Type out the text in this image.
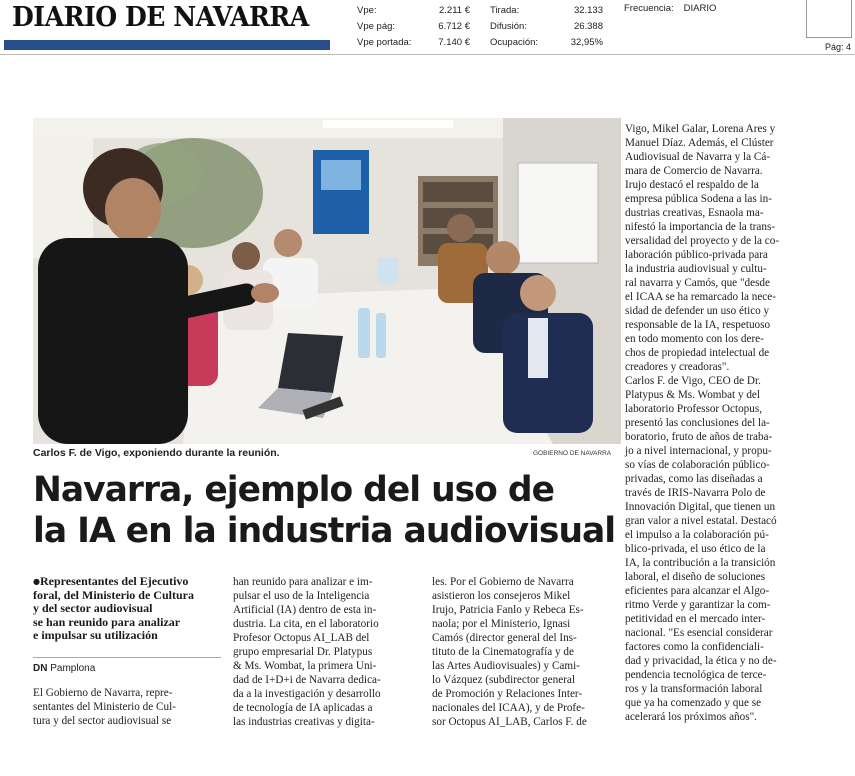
DIARIO DE NAVARRA	Vpe:	2.211 €
Vpe pág:	6.712 €
Vpe portada:	7.140 €
Tirada:	32.133
Difusión:	26.388
Ocupación:	32,95%
Frecuencia: DIARIO
Pág: 4
Carlos F. de Vigo, exponiendo durante la reunión.	GOBIERNO DE NAVARRA
Navarra, ejemplo del uso de
la IA en la industria audiovisual
●Representantes del Ejecutivo
foral, del Ministerio de Cultura
y del sector audiovisual
se han reunido para analizar
e impulsar su utilización
DN Pamplona
El Gobierno de Navarra, repre-
sentantes del Ministerio de Cul-
tura y del sector audiovisual se
han reunido para analizar e im-
pulsar el uso de la Inteligencia
Artificial (IA) dentro de esta in-
dustria. La cita, en el laboratorio
Profesor Octopus AI_LAB del
grupo empresarial Dr. Platypus
& Ms. Wombat, la primera Uni-
dad de I+D+i de Navarra dedica-
da a la investigación y desarrollo
de tecnología de IA aplicadas a
las industrias creativas y digita-
les. Por el Gobierno de Navarra
asistieron los consejeros Mikel
Irujo, Patricia Fanlo y Rebeca Es-
naola; por el Ministerio, Ignasi
Camós (director general del Ins-
tituto de la Cinematografía y de
las Artes Audiovisuales) y Cami-
lo Vázquez (subdirector general
de Promoción y Relaciones Inter-
nacionales del ICAA), y de Profe-
sor Octopus AI_LAB, Carlos F. de
Vigo, Mikel Galar, Lorena Ares y
Manuel Díaz. Además, el Clúster
Audiovisual de Navarra y la Cá-
mara de Comercio de Navarra.
Irujo destacó el respaldo de la
empresa pública Sodena a las in-
dustrias creativas, Esnaola ma-
nifestó la importancia de la trans-
versalidad del proyecto y de la co-
laboración público-privada para
la industria audiovisual y cultu-
ral navarra y Camós, que "desde
el ICAA se ha remarcado la nece-
sidad de defender un uso ético y
responsable de la IA, respetuoso
en todo momento con los dere-
chos de propiedad intelectual de
creadores y creadoras".
Carlos F. de Vigo, CEO de Dr.
Platypus & Ms. Wombat y del
laboratorio Professor Octopus,
presentó las conclusiones del la-
boratorio, fruto de años de traba-
jo a nivel internacional, y propu-
so vías de colaboración público-
privadas, como las diseñadas a
través de IRIS-Navarra Polo de
Innovación Digital, que tienen un
gran valor a nivel estatal. Destacó
el impulso a la colaboración pú-
blico-privada, el uso ético de la
IA, la contribución a la transición
laboral, el diseño de soluciones
eficientes para alcanzar el Algo-
ritmo Verde y garantizar la com-
petitividad en el mercado inter-
nacional. "Es esencial considerar
factores como la confidenciali-
dad y privacidad, la ética y no de-
pendencia tecnológica de terce-
ros y la transformación laboral
que ya ha comenzado y que se
acelerará los próximos años".
